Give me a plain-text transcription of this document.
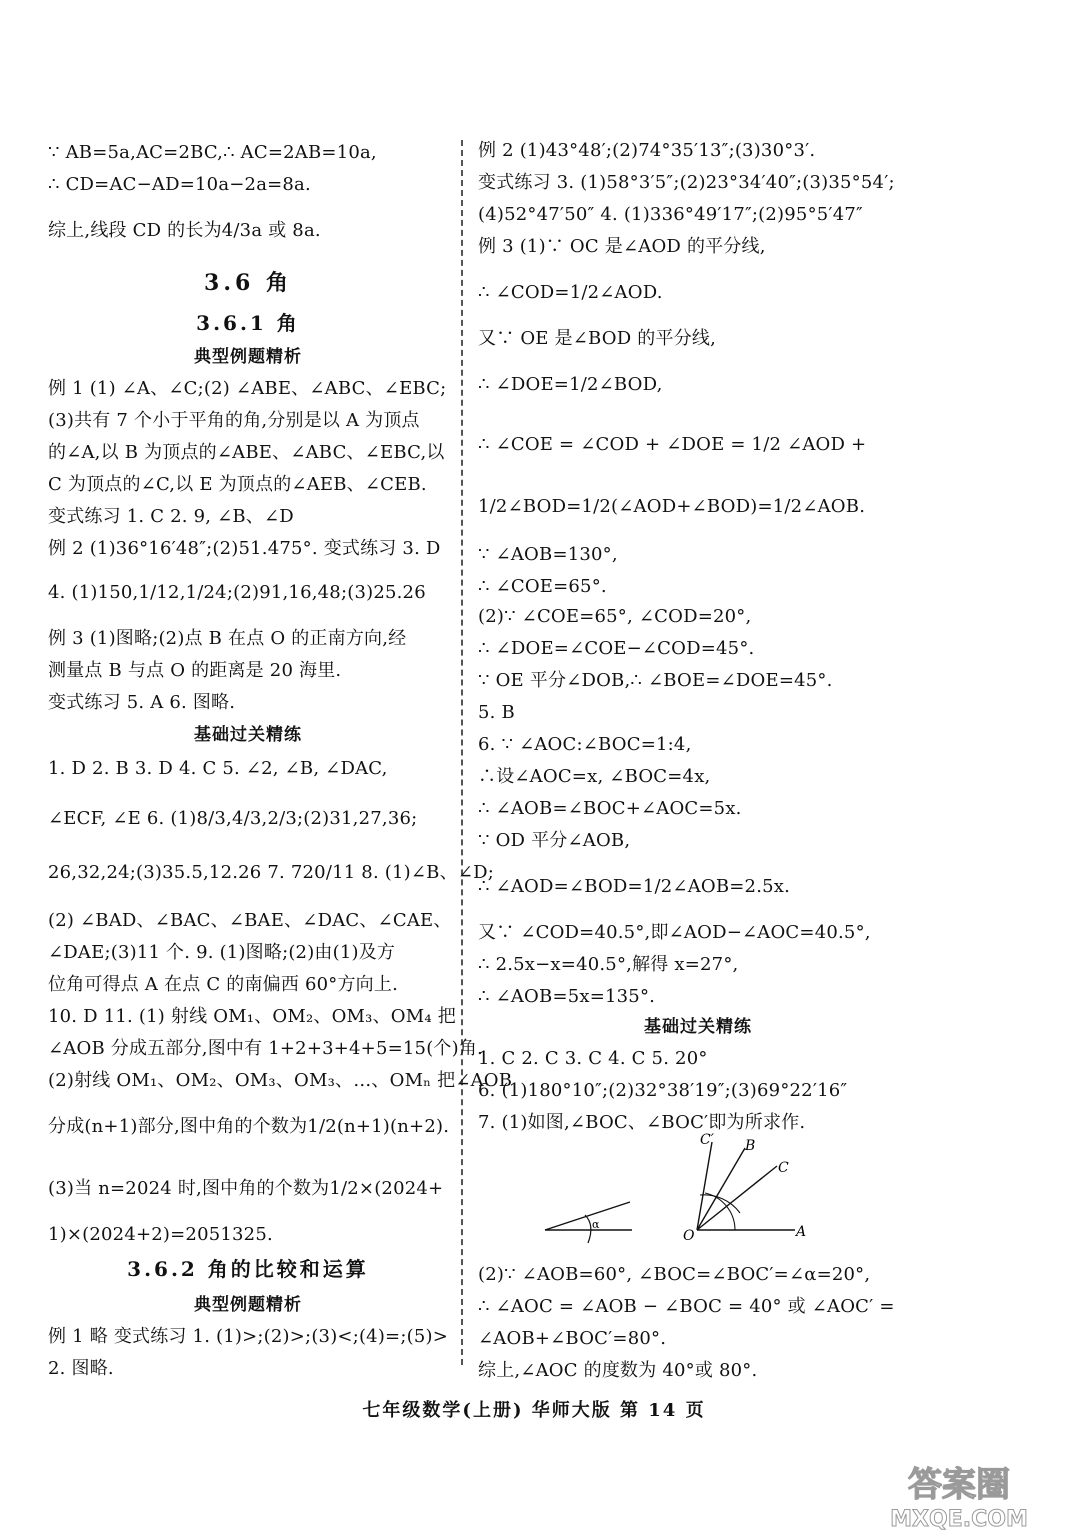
∵ AB=5a,AC=2BC,∴ AC=2AB=10a,
∴ CD=AC−AD=10a−2a=8a.
综上,线段 CD 的长为4/3a 或 8a.
3.6 角
3.6.1 角
典型例题精析
例 1 (1) ∠A、∠C;(2) ∠ABE、∠ABC、∠EBC;
(3)共有 7 个小于平角的角,分别是以 A 为顶点
的∠A,以 B 为顶点的∠ABE、∠ABC、∠EBC,以
C 为顶点的∠C,以 E 为顶点的∠AEB、∠CEB.
变式练习 1. C 2. 9, ∠B、∠D
例 2 (1)36°16′48″;(2)51.475°. 变式练习 3. D
4. (1)150,1/12,1/24;(2)91,16,48;(3)25.26
例 3 (1)图略;(2)点 B 在点 O 的正南方向,经
测量点 B 与点 O 的距离是 20 海里.
变式练习 5. A 6. 图略.
基础过关精练
1. D 2. B 3. D 4. C 5. ∠2, ∠B, ∠DAC,
∠ECF, ∠E 6. (1)8/3,4/3,2/3;(2)31,27,36;
26,32,24;(3)35.5,12.26 7. 720/11 8. (1)∠B、∠D;
(2) ∠BAD、∠BAC、∠BAE、∠DAC、∠CAE、
∠DAE;(3)11 个. 9. (1)图略;(2)由(1)及方
位角可得点 A 在点 C 的南偏西 60°方向上.
10. D 11. (1) 射线 OM₁、OM₂、OM₃、OM₄ 把
∠AOB 分成五部分,图中有 1+2+3+4+5=15(个)角.
(2)射线 OM₁、OM₂、OM₃、OM₃、…、OMₙ 把∠AOB
分成(n+1)部分,图中角的个数为1/2(n+1)(n+2).
(3)当 n=2024 时,图中角的个数为1/2×(2024+
1)×(2024+2)=2051325.
3.6.2 角的比较和运算
典型例题精析
例 1 略 变式练习 1. (1)>;(2)>;(3)<;(4)=;(5)>
2. 图略.
例 2 (1)43°48′;(2)74°35′13″;(3)30°3′.
变式练习 3. (1)58°3′5″;(2)23°34′40″;(3)35°54′;
(4)52°47′50″ 4. (1)336°49′17″;(2)95°5′47″
例 3 (1)∵ OC 是∠AOD 的平分线,
∴ ∠COD=1/2∠AOD.
又∵ OE 是∠BOD 的平分线,
∴ ∠DOE=1/2∠BOD,
∴ ∠COE = ∠COD + ∠DOE = 1/2 ∠AOD +
1/2∠BOD=1/2(∠AOD+∠BOD)=1/2∠AOB.
∵ ∠AOB=130°,
∴ ∠COE=65°.
(2)∵ ∠COE=65°, ∠COD=20°,
∴ ∠DOE=∠COE−∠COD=45°.
∵ OE 平分∠DOB,∴ ∠BOE=∠DOE=45°.
5. B
6. ∵ ∠AOC:∠BOC=1:4,
∴设∠AOC=x, ∠BOC=4x,
∴ ∠AOB=∠BOC+∠AOC=5x.
∵ OD 平分∠AOB,
∴ ∠AOD=∠BOD=1/2∠AOB=2.5x.
又∵ ∠COD=40.5°,即∠AOD−∠AOC=40.5°,
∴ 2.5x−x=40.5°,解得 x=27°,
∴ ∠AOB=5x=135°.
基础过关精练
1. C 2. C 3. C 4. C 5. 20°
6. (1)180°10″;(2)32°38′19″;(3)69°22′16″
7. (1)如图,∠BOC、∠BOC′即为所求作.
(2)∵ ∠AOB=60°, ∠BOC=∠BOC′=∠α=20°,
∴ ∠AOC = ∠AOB − ∠BOC = 40° 或 ∠AOC′ =
∠AOB+∠BOC′=80°.
综上,∠AOC 的度数为 40°或 80°.
α
O	A
B
C
C′
七年级数学(上册) 华师大版 第 14 页
答案圈
MXQE.COM
